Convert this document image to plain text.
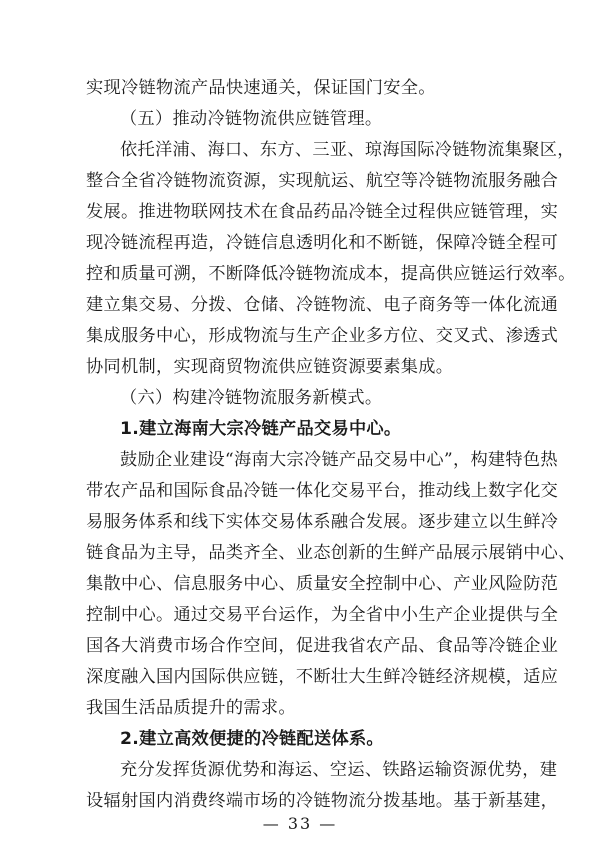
实现冷链物流产品快速通关，保证国门安全。
（五）推动冷链物流供应链管理。
依托洋浦、海口、东方、三亚、琼海国际冷链物流集聚区，
整合全省冷链物流资源，实现航运、航空等冷链物流服务融合
发展。推进物联网技术在食品药品冷链全过程供应链管理，实
现冷链流程再造，冷链信息透明化和不断链，保障冷链全程可
控和质量可溯，不断降低冷链物流成本，提高供应链运行效率。
建立集交易、分拨、仓储、冷链物流、电子商务等一体化流通
集成服务中心，形成物流与生产企业多方位、交叉式、渗透式
协同机制，实现商贸物流供应链资源要素集成。
（六）构建冷链物流服务新模式。
1.建立海南大宗冷链产品交易中心。
鼓励企业建设“海南大宗冷链产品交易中心”，构建特色热
带农产品和国际食品冷链一体化交易平台，推动线上数字化交
易服务体系和线下实体交易体系融合发展。逐步建立以生鲜冷
链食品为主导，品类齐全、业态创新的生鲜产品展示展销中心、
集散中心、信息服务中心、质量安全控制中心、产业风险防范
控制中心。通过交易平台运作，为全省中小生产企业提供与全
国各大消费市场合作空间，促进我省农产品、食品等冷链企业
深度融入国内国际供应链，不断壮大生鲜冷链经济规模，适应
我国生活品质提升的需求。
2.建立高效便捷的冷链配送体系。
充分发挥货源优势和海运、空运、铁路运输资源优势，建
设辐射国内消费终端市场的冷链物流分拨基地。基于新基建，
— 33 —
